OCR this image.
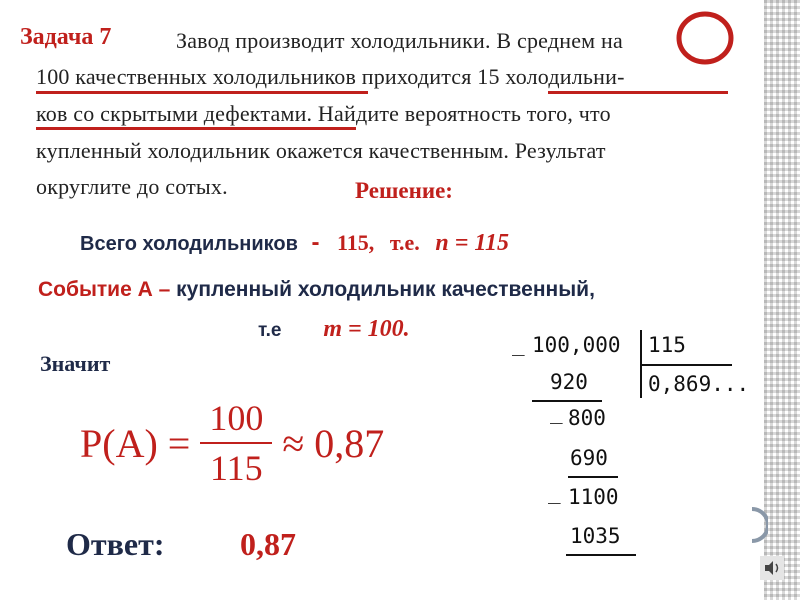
Задача 7	Завод производит холодильники. В среднем на
100 качественных холодильников приходится 15 холодильни-
ков со скрытыми дефектами. Найдите вероятность того, что
купленный холодильник окажется качественным. Результат
округлите до сотых.	Решение:
Всего холодильников - 115, т.е. n = 115
Событие А – купленный холодильник качественный,
т.е m = 100.
Значит
$P(A) = \frac{100}{115} \approx 0,87$
Ответ: 0,87
_ 100,000 115
0,869...
920
_ 800
690
_ 1100
1035
